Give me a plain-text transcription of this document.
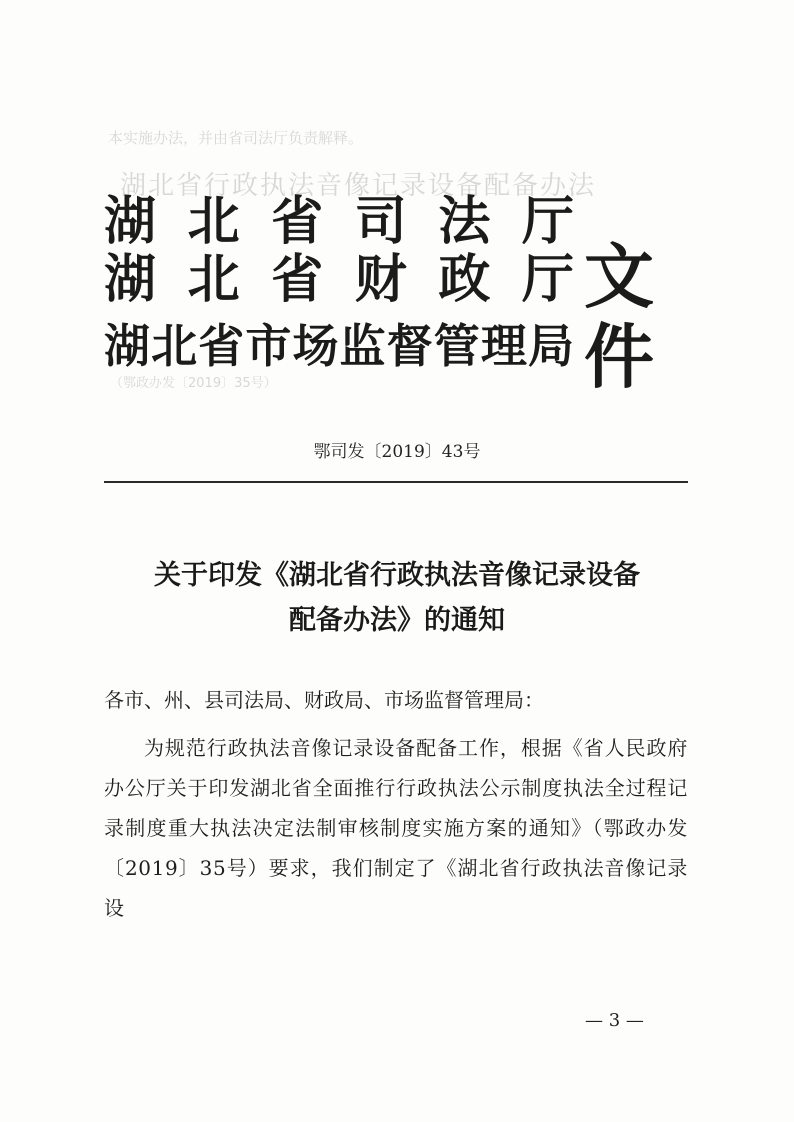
本实施办法，并由省司法厅负责解释。
湖北省行政执法音像记录设备配备办法
（鄂政办发〔2019〕35号）
湖 北 省 司 法 厅
湖 北 省 财 政 厅
湖 北 省 市 场 监 督 管 理 局
文件
鄂司发〔2019〕43号
关于印发《湖北省行政执法音像记录设备
配备办法》的通知
各市、州、县司法局、财政局、市场监督管理局：
为规范行政执法音像记录设备配备工作，根据《省人民政府办公厅关于印发湖北省全面推行行政执法公示制度执法全过程记录制度重大执法决定法制审核制度实施方案的通知》（鄂政办发〔2019〕35号）要求，我们制定了《湖北省行政执法音像记录设
— 3 —
